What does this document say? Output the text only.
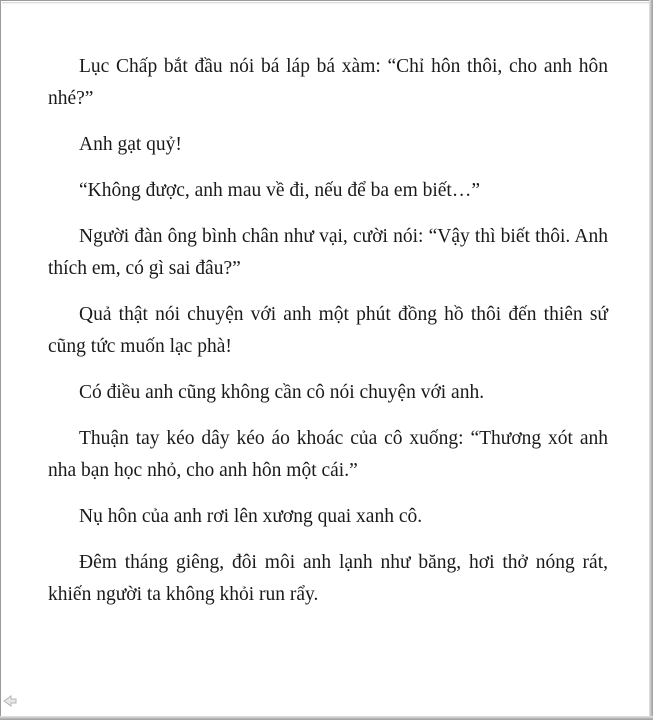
Lục Chấp bắt đầu nói bá láp bá xàm: “Chỉ hôn thôi, cho anh hôn nhé?”

Anh gạt quỷ!

“Không được, anh mau về đi, nếu để ba em biết…”

Người đàn ông bình chân như vại, cười nói: “Vậy thì biết thôi. Anh thích em, có gì sai đâu?”

Quả thật nói chuyện với anh một phút đồng hồ thôi đến thiên sứ cũng tức muốn lạc phà!

Có điều anh cũng không cần cô nói chuyện với anh.

Thuận tay kéo dây kéo áo khoác của cô xuống: “Thương xót anh nha bạn học nhỏ, cho anh hôn một cái.”

Nụ hôn của anh rơi lên xương quai xanh cô.

Đêm tháng giêng, đôi môi anh lạnh như băng, hơi thở nóng rát, khiến người ta không khỏi run rẩy.
